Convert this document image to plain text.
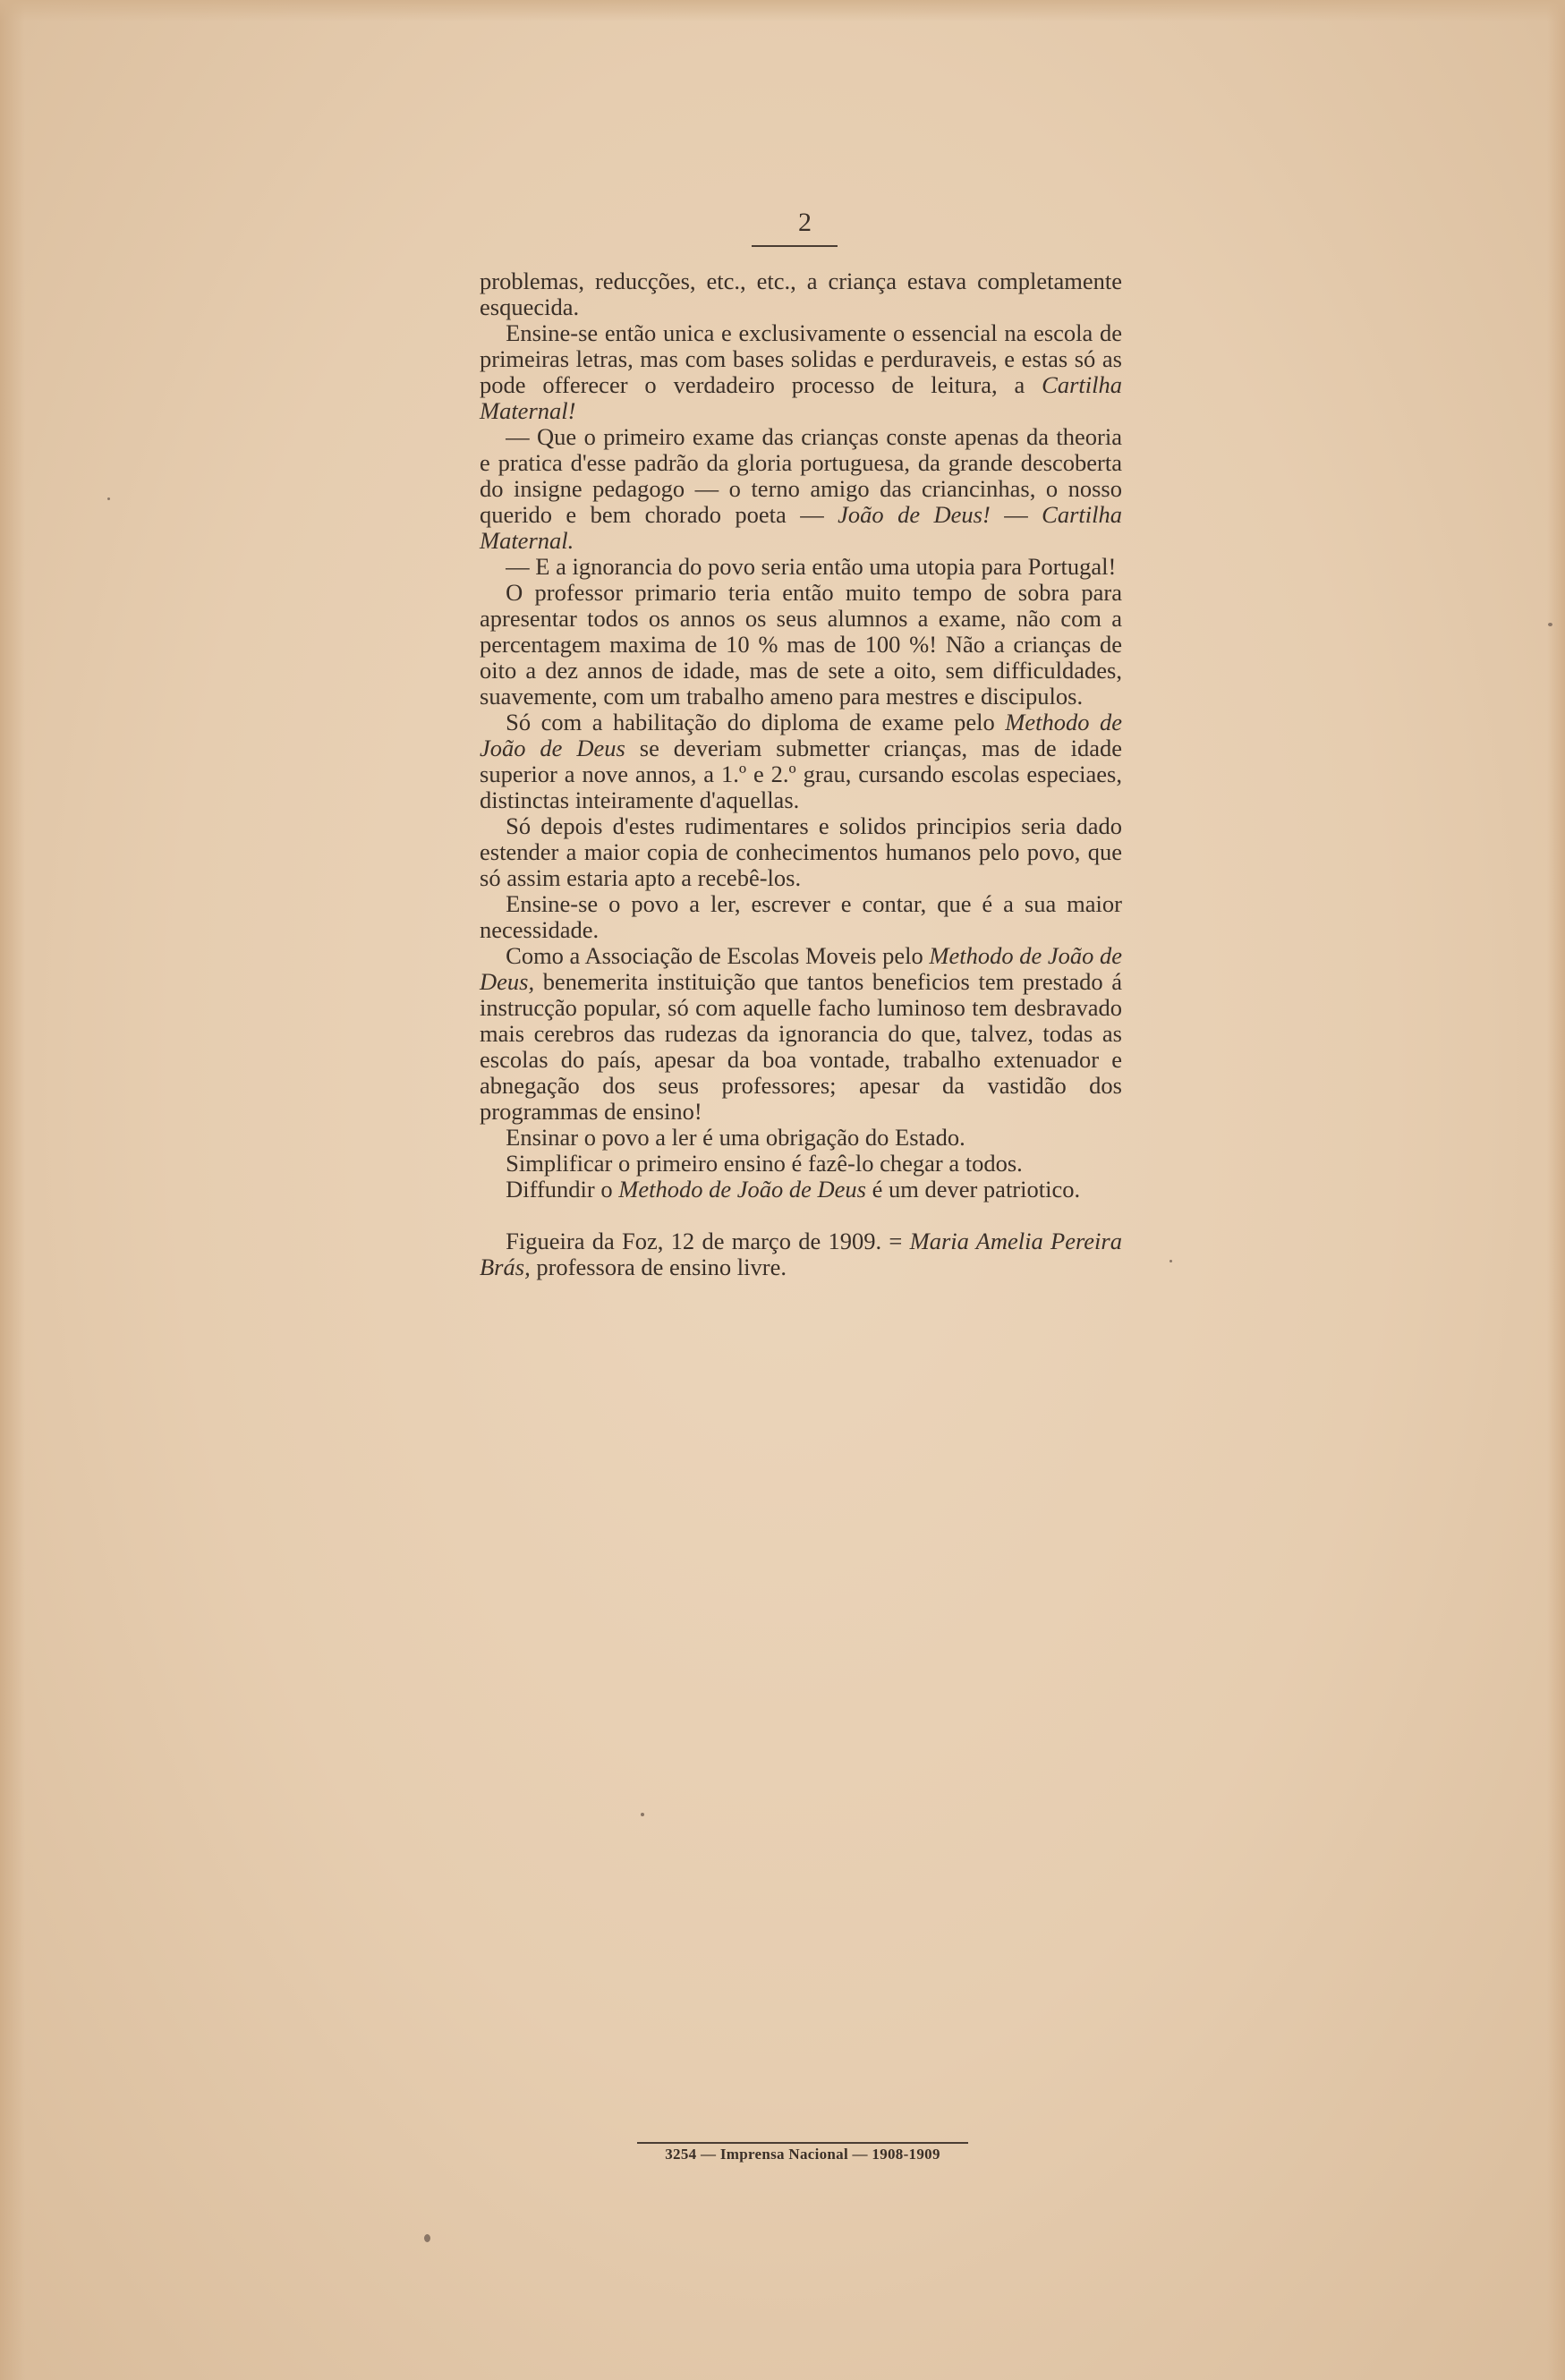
2

problemas, reducções, etc., etc., a criança estava completamente esquecida.

Ensine-se então unica e exclusivamente o essencial na escola de primeiras letras, mas com bases solidas e perduraveis, e estas só as pode offerecer o verdadeiro processo de leitura, a Cartilha Maternal!

— Que o primeiro exame das crianças conste apenas da theoria e pratica d'esse padrão da gloria portuguesa, da grande descoberta do insigne pedagogo — o terno amigo das criancinhas, o nosso querido e bem chorado poeta — João de Deus! — Cartilha Maternal.

— E a ignorancia do povo seria então uma utopia para Portugal!

O professor primario teria então muito tempo de sobra para apresentar todos os annos os seus alumnos a exame, não com a percentagem maxima de 10 % mas de 100 %! Não a crianças de oito a dez annos de idade, mas de sete a oito, sem difficuldades, suavemente, com um trabalho ameno para mestres e discipulos.

Só com a habilitação do diploma de exame pelo Methodo de João de Deus se deveriam submetter crianças, mas de idade superior a nove annos, a 1.º e 2.º grau, cursando escolas especiaes, distinctas inteiramente d'aquellas.

Só depois d'estes rudimentares e solidos principios seria dado estender a maior copia de conhecimentos humanos pelo povo, que só assim estaria apto a recebê-los.

Ensine-se o povo a ler, escrever e contar, que é a sua maior necessidade.

Como a Associação de Escolas Moveis pelo Methodo de João de Deus, benemerita instituição que tantos beneficios tem prestado á instrucção popular, só com aquelle facho luminoso tem desbravado mais cerebros das rudezas da ignorancia do que, talvez, todas as escolas do país, apesar da boa vontade, trabalho extenuador e abnegação dos seus professores; apesar da vastidão dos programmas de ensino!

Ensinar o povo a ler é uma obrigação do Estado.

Simplificar o primeiro ensino é fazê-lo chegar a todos.

Diffundir o Methodo de João de Deus é um dever patriotico.

Figueira da Foz, 12 de março de 1909. = Maria Amelia Pereira Brás, professora de ensino livre.

3254 — Imprensa Nacional — 1908-1909
